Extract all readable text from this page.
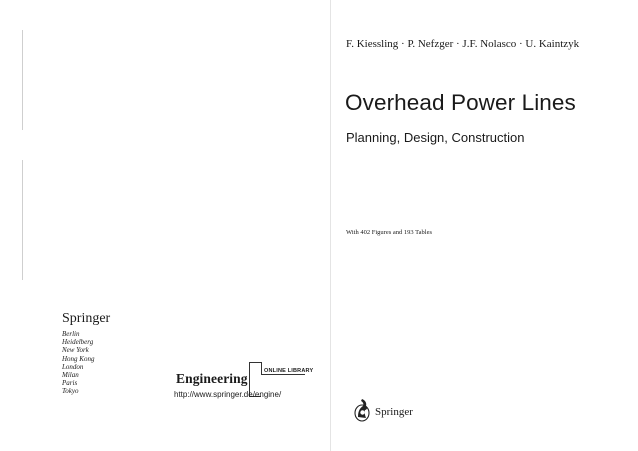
Springer
Berlin
Heidelberg
New York
Hong Kong
London
Milan
Paris
Tokyo
Engineering	ONLINE LIBRARY
http://www.springer.de/engine/
F. Kiessling · P. Nefzger · J.F. Nolasco · U. Kaintzyk
Overhead Power Lines
Planning, Design, Construction
With 402 Figures and 193 Tables
Springer
